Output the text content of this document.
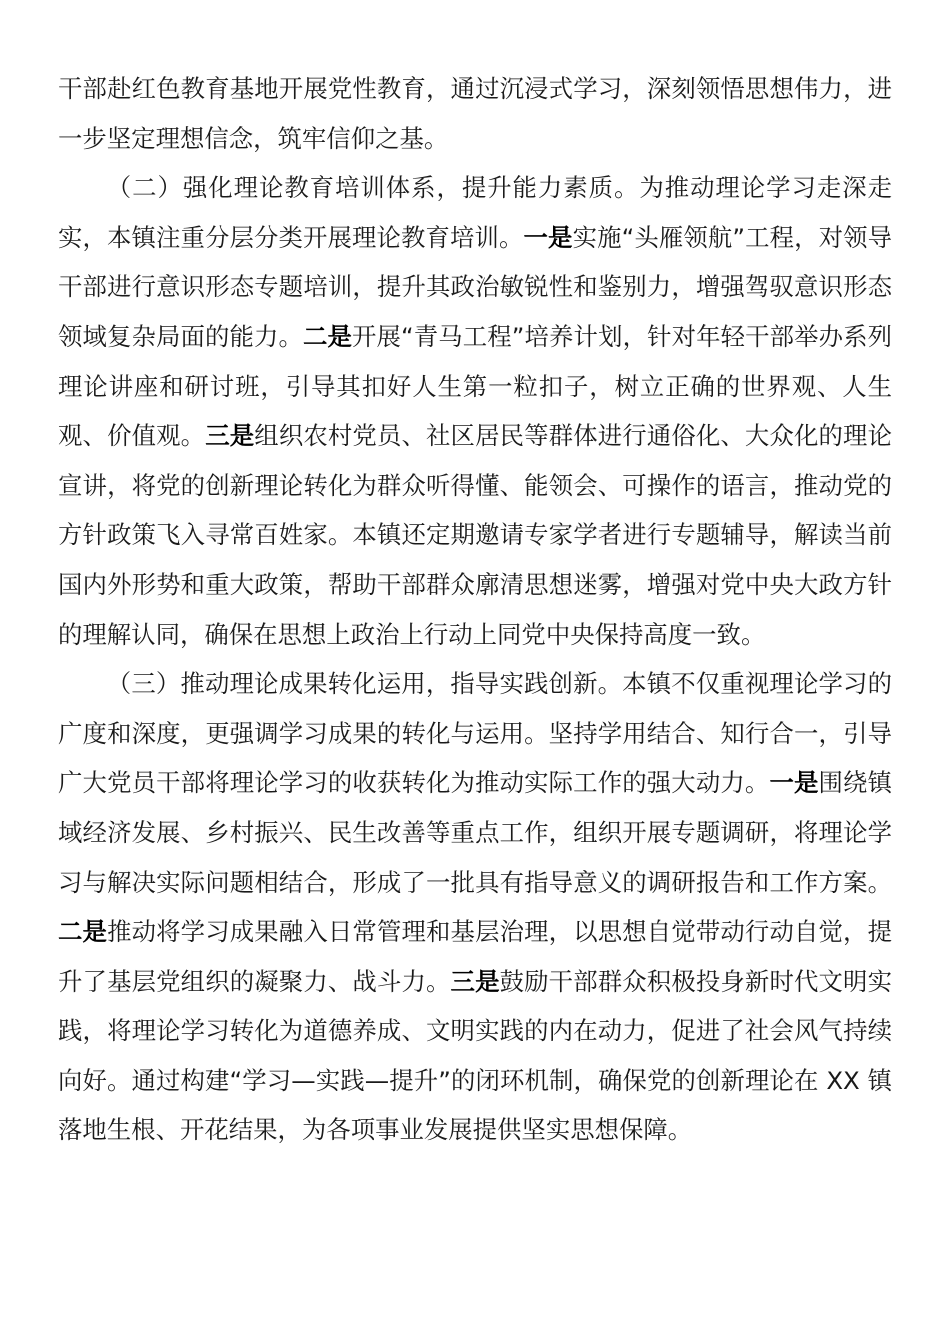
干部赴红色教育基地开展党性教育，通过沉浸式学习，深刻领悟思想伟力，进一步坚定理想信念，筑牢信仰之基。

（二）强化理论教育培训体系，提升能力素质。为推动理论学习走深走实，本镇注重分层分类开展理论教育培训。一是实施“头雁领航”工程，对领导干部进行意识形态专题培训，提升其政治敏锐性和鉴别力，增强驾驭意识形态领域复杂局面的能力。二是开展“青马工程”培养计划，针对年轻干部举办系列理论讲座和研讨班，引导其扣好人生第一粒扣子，树立正确的世界观、人生观、价值观。三是组织农村党员、社区居民等群体进行通俗化、大众化的理论宣讲，将党的创新理论转化为群众听得懂、能领会、可操作的语言，推动党的方针政策飞入寻常百姓家。本镇还定期邀请专家学者进行专题辅导，解读当前国内外形势和重大政策，帮助干部群众廓清思想迷雾，增强对党中央大政方针的理解认同，确保在思想上政治上行动上同党中央保持高度一致。

（三）推动理论成果转化运用，指导实践创新。本镇不仅重视理论学习的广度和深度，更强调学习成果的转化与运用。坚持学用结合、知行合一，引导广大党员干部将理论学习的收获转化为推动实际工作的强大动力。一是围绕镇域经济发展、乡村振兴、民生改善等重点工作，组织开展专题调研，将理论学习与解决实际问题相结合，形成了一批具有指导意义的调研报告和工作方案。二是推动将学习成果融入日常管理和基层治理，以思想自觉带动行动自觉，提升了基层党组织的凝聚力、战斗力。三是鼓励干部群众积极投身新时代文明实践，将理论学习转化为道德养成、文明实践的内在动力，促进了社会风气持续向好。通过构建“学习—实践—提升”的闭环机制，确保党的创新理论在 XX 镇落地生根、开花结果，为各项事业发展提供坚实思想保障。
